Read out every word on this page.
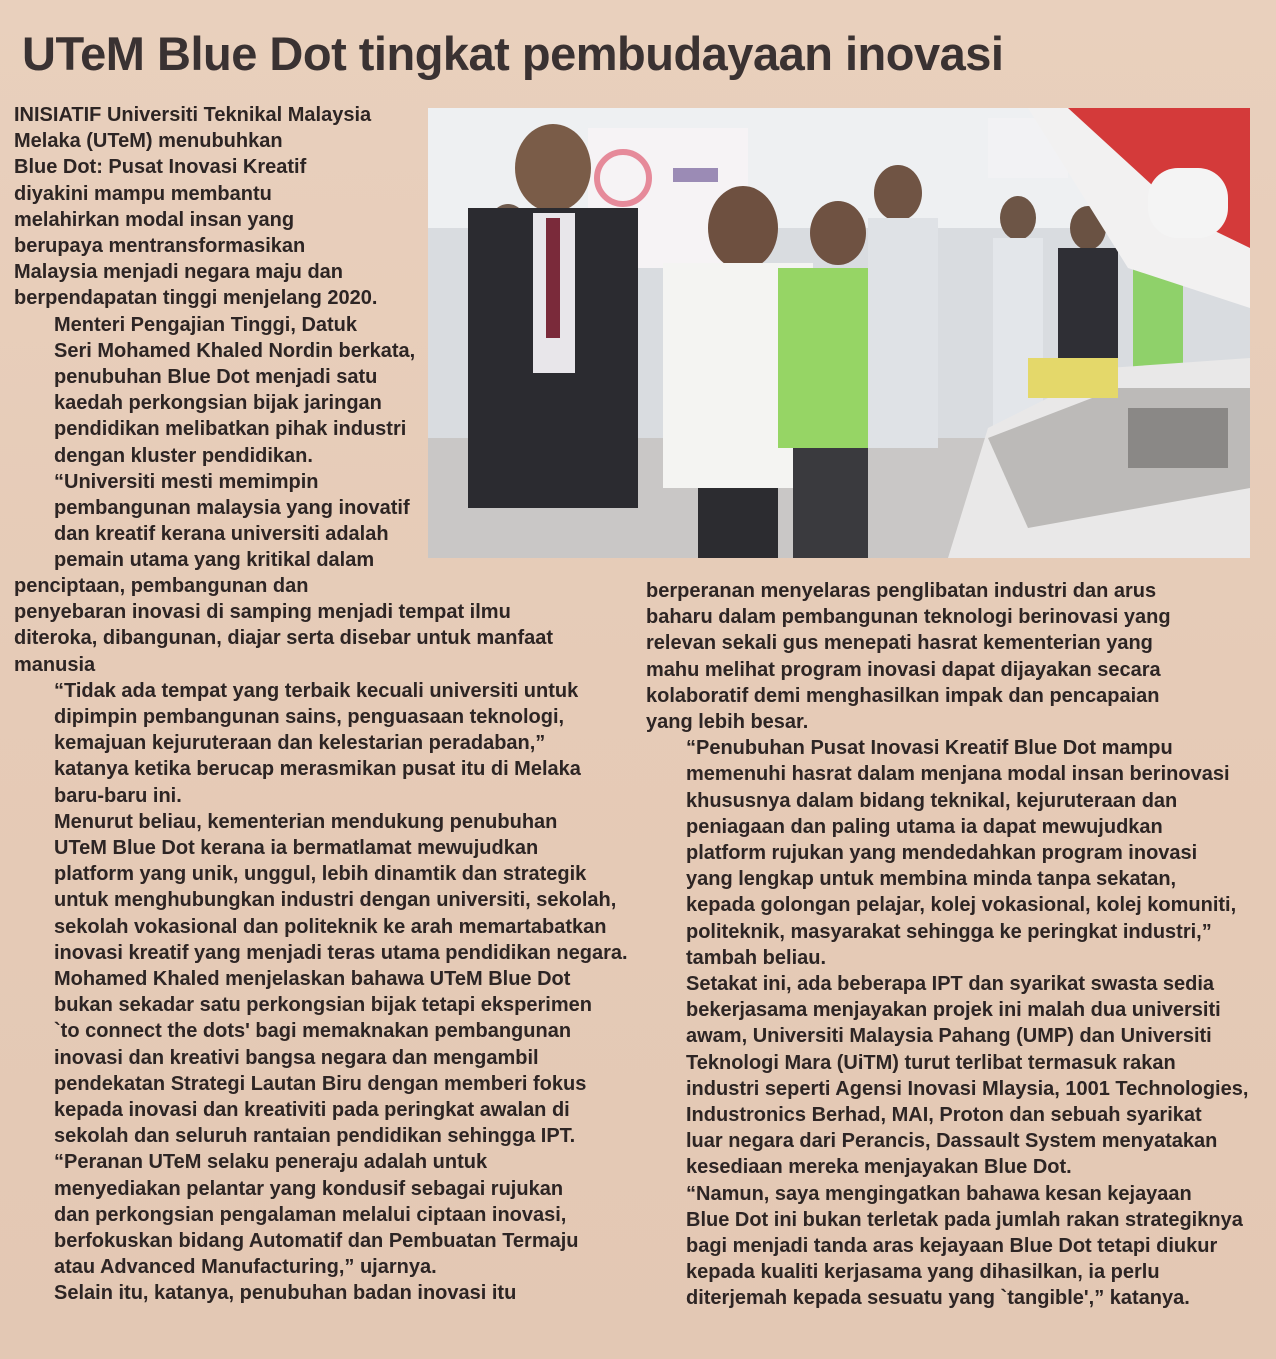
UTeM Blue Dot tingkat pembudayaan inovasi

INISIATIF Universiti Teknikal Malaysia
Melaka (UTeM) menubuhkan
Blue Dot: Pusat Inovasi Kreatif
diyakini mampu membantu
melahirkan modal insan yang
berupaya mentransformasikan
Malaysia menjadi negara maju dan
berpendapatan tinggi menjelang 2020.

Menteri Pengajian Tinggi, Datuk
Seri Mohamed Khaled Nordin berkata,
penubuhan Blue Dot menjadi satu
kaedah perkongsian bijak jaringan
pendidikan melibatkan pihak industri
dengan kluster pendidikan.

“Universiti mesti memimpin
pembangunan malaysia yang inovatif
dan kreatif kerana universiti adalah
pemain utama yang kritikal dalam

penciptaan, pembangunan dan
penyebaran inovasi di samping menjadi tempat ilmu
diteroka, dibangunan, diajar serta disebar untuk manfaat
manusia

“Tidak ada tempat yang terbaik kecuali universiti untuk
dipimpin pembangunan sains, penguasaan teknologi,
kemajuan kejuruteraan dan kelestarian peradaban,”
katanya ketika berucap merasmikan pusat itu di Melaka
baru-baru ini.

Menurut beliau, kementerian mendukung penubuhan
UTeM Blue Dot kerana ia bermatlamat mewujudkan
platform yang unik, unggul, lebih dinamtik dan strategik
untuk menghubungkan industri dengan universiti, sekolah,
sekolah vokasional dan politeknik ke arah memartabatkan
inovasi kreatif yang menjadi teras utama pendidikan negara.

Mohamed Khaled menjelaskan bahawa UTeM Blue Dot
bukan sekadar satu perkongsian bijak tetapi eksperimen
`to connect the dots' bagi memaknakan pembangunan
inovasi dan kreativi bangsa negara dan mengambil
pendekatan Strategi Lautan Biru dengan memberi fokus
kepada inovasi dan kreativiti pada peringkat awalan di
sekolah dan seluruh rantaian pendidikan sehingga IPT.

“Peranan UTeM selaku peneraju adalah untuk
menyediakan pelantar yang kondusif sebagai rujukan
dan perkongsian pengalaman melalui ciptaan inovasi,
berfokuskan bidang Automatif dan Pembuatan Termaju
atau Advanced Manufacturing,” ujarnya.

Selain itu, katanya, penubuhan badan inovasi itu

berperanan menyelaras penglibatan industri dan arus
baharu dalam pembangunan teknologi berinovasi yang
relevan sekali gus menepati hasrat kementerian yang
mahu melihat program inovasi dapat dijayakan secara
kolaboratif demi menghasilkan impak dan pencapaian
yang lebih besar.

“Penubuhan Pusat Inovasi Kreatif Blue Dot mampu
memenuhi hasrat dalam menjana modal insan berinovasi
khususnya dalam bidang teknikal, kejuruteraan dan
peniagaan dan paling utama ia dapat mewujudkan
platform rujukan yang mendedahkan program inovasi
yang lengkap untuk membina minda tanpa sekatan,
kepada golongan pelajar, kolej vokasional, kolej komuniti,
politeknik, masyarakat sehingga ke peringkat industri,”
tambah beliau.

Setakat ini, ada beberapa IPT dan syarikat swasta sedia
bekerjasama menjayakan projek ini malah dua universiti
awam, Universiti Malaysia Pahang (UMP) dan Universiti
Teknologi Mara (UiTM) turut terlibat termasuk rakan
industri seperti Agensi Inovasi Mlaysia, 1001 Technologies,
Industronics Berhad, MAI, Proton dan sebuah syarikat
luar negara dari Perancis, Dassault System menyatakan
kesediaan mereka menjayakan Blue Dot.

“Namun, saya mengingatkan bahawa kesan kejayaan
Blue Dot ini bukan terletak pada jumlah rakan strategiknya
bagi menjadi tanda aras kejayaan Blue Dot tetapi diukur
kepada kualiti kerjasama yang dihasilkan, ia perlu
diterjemah kepada sesuatu yang `tangible',” katanya.
